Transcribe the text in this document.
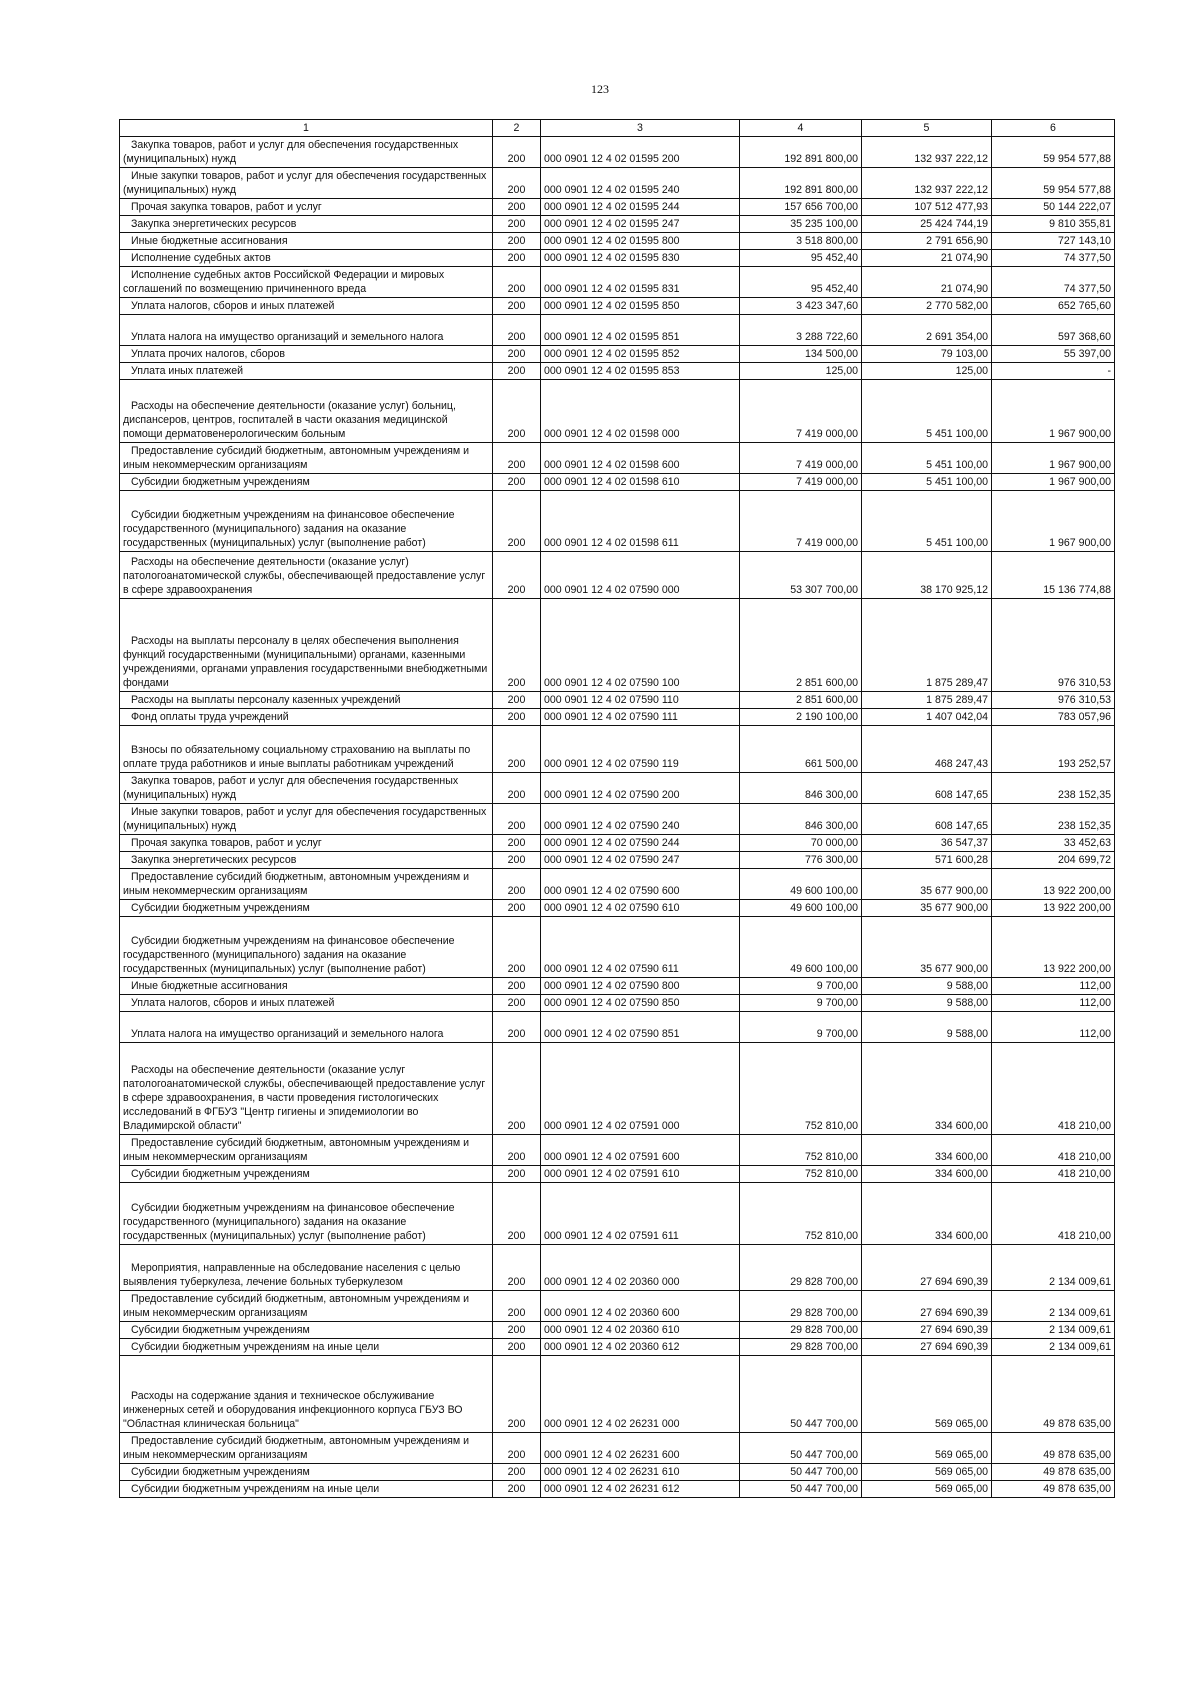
123
1	2	3	4	5	6

Закупка товаров, работ и услуг для обеспечения государственных (муниципальных) нужд	200	000 0901 12 4 02 01595 200	192 891 800,00	132 937 222,12	59 954 577,88

Иные закупки товаров, работ и услуг для обеспечения государственных (муниципальных) нужд	200	000 0901 12 4 02 01595 240	192 891 800,00	132 937 222,12	59 954 577,88

Прочая закупка товаров, работ и услуг	200	000 0901 12 4 02 01595 244	157 656 700,00	107 512 477,93	50 144 222,07

Закупка энергетических ресурсов	200	000 0901 12 4 02 01595 247	35 235 100,00	25 424 744,19	9 810 355,81

Иные бюджетные ассигнования	200	000 0901 12 4 02 01595 800	3 518 800,00	2 791 656,90	727 143,10

Исполнение судебных актов	200	000 0901 12 4 02 01595 830	95 452,40	21 074,90	74 377,50

Исполнение судебных актов Российской Федерации и мировых соглашений по возмещению причиненного вреда	200	000 0901 12 4 02 01595 831	95 452,40	21 074,90	74 377,50

Уплата налогов, сборов и иных платежей	200	000 0901 12 4 02 01595 850	3 423 347,60	2 770 582,00	652 765,60

Уплата налога на имущество организаций и земельного налога	200	000 0901 12 4 02 01595 851	3 288 722,60	2 691 354,00	597 368,60

Уплата прочих налогов, сборов	200	000 0901 12 4 02 01595 852	134 500,00	79 103,00	55 397,00

Уплата иных платежей	200	000 0901 12 4 02 01595 853	125,00	125,00	-

Расходы на обеспечение деятельности (оказание услуг) больниц, диспансеров, центров, госпиталей в части оказания медицинской помощи дерматовенерологическим больным	200	000 0901 12 4 02 01598 000	7 419 000,00	5 451 100,00	1 967 900,00

Предоставление субсидий бюджетным, автономным учреждениям и иным некоммерческим организациям	200	000 0901 12 4 02 01598 600	7 419 000,00	5 451 100,00	1 967 900,00

Субсидии бюджетным учреждениям	200	000 0901 12 4 02 01598 610	7 419 000,00	5 451 100,00	1 967 900,00

Субсидии бюджетным учреждениям на финансовое обеспечение государственного (муниципального) задания на оказание государственных (муниципальных) услуг (выполнение работ)	200	000 0901 12 4 02 01598 611	7 419 000,00	5 451 100,00	1 967 900,00

Расходы на обеспечение деятельности (оказание услуг) патологоанатомической службы, обеспечивающей предоставление услуг в сфере здравоохранения	200	000 0901 12 4 02 07590 000	53 307 700,00	38 170 925,12	15 136 774,88

Расходы на выплаты персоналу в целях обеспечения выполнения функций государственными (муниципальными) органами, казенными учреждениями, органами управления государственными внебюджетными фондами	200	000 0901 12 4 02 07590 100	2 851 600,00	1 875 289,47	976 310,53

Расходы на выплаты персоналу казенных учреждений	200	000 0901 12 4 02 07590 110	2 851 600,00	1 875 289,47	976 310,53

Фонд оплаты труда учреждений	200	000 0901 12 4 02 07590 111	2 190 100,00	1 407 042,04	783 057,96

Взносы по обязательному социальному страхованию на выплаты по оплате труда работников и иные выплаты работникам учреждений	200	000 0901 12 4 02 07590 119	661 500,00	468 247,43	193 252,57

Закупка товаров, работ и услуг для обеспечения государственных (муниципальных) нужд	200	000 0901 12 4 02 07590 200	846 300,00	608 147,65	238 152,35

Иные закупки товаров, работ и услуг для обеспечения государственных (муниципальных) нужд	200	000 0901 12 4 02 07590 240	846 300,00	608 147,65	238 152,35

Прочая закупка товаров, работ и услуг	200	000 0901 12 4 02 07590 244	70 000,00	36 547,37	33 452,63

Закупка энергетических ресурсов	200	000 0901 12 4 02 07590 247	776 300,00	571 600,28	204 699,72

Предоставление субсидий бюджетным, автономным учреждениям и иным некоммерческим организациям	200	000 0901 12 4 02 07590 600	49 600 100,00	35 677 900,00	13 922 200,00

Субсидии бюджетным учреждениям	200	000 0901 12 4 02 07590 610	49 600 100,00	35 677 900,00	13 922 200,00

Субсидии бюджетным учреждениям на финансовое обеспечение государственного (муниципального) задания на оказание государственных (муниципальных) услуг (выполнение работ)	200	000 0901 12 4 02 07590 611	49 600 100,00	35 677 900,00	13 922 200,00

Иные бюджетные ассигнования	200	000 0901 12 4 02 07590 800	9 700,00	9 588,00	112,00

Уплата налогов, сборов и иных платежей	200	000 0901 12 4 02 07590 850	9 700,00	9 588,00	112,00

Уплата налога на имущество организаций и земельного налога	200	000 0901 12 4 02 07590 851	9 700,00	9 588,00	112,00

Расходы на обеспечение деятельности (оказание услуг патологоанатомической службы, обеспечивающей предоставление услуг в сфере здравоохранения, в части проведения гистологических исследований в ФГБУЗ "Центр гигиены и эпидемиологии во Владимирской области"	200	000 0901 12 4 02 07591 000	752 810,00	334 600,00	418 210,00

Предоставление субсидий бюджетным, автономным учреждениям и иным некоммерческим организациям	200	000 0901 12 4 02 07591 600	752 810,00	334 600,00	418 210,00

Субсидии бюджетным учреждениям	200	000 0901 12 4 02 07591 610	752 810,00	334 600,00	418 210,00

Субсидии бюджетным учреждениям на финансовое обеспечение государственного (муниципального) задания на оказание государственных (муниципальных) услуг (выполнение работ)	200	000 0901 12 4 02 07591 611	752 810,00	334 600,00	418 210,00

Мероприятия, направленные на обследование населения с целью выявления туберкулеза, лечение больных туберкулезом	200	000 0901 12 4 02 20360 000	29 828 700,00	27 694 690,39	2 134 009,61

Предоставление субсидий бюджетным, автономным учреждениям и иным некоммерческим организациям	200	000 0901 12 4 02 20360 600	29 828 700,00	27 694 690,39	2 134 009,61

Субсидии бюджетным учреждениям	200	000 0901 12 4 02 20360 610	29 828 700,00	27 694 690,39	2 134 009,61

Субсидии бюджетным учреждениям на иные цели	200	000 0901 12 4 02 20360 612	29 828 700,00	27 694 690,39	2 134 009,61

Расходы на содержание здания и техническое обслуживание инженерных сетей и оборудования инфекционного корпуса ГБУЗ ВО "Областная клиническая больница"	200	000 0901 12 4 02 26231 000	50 447 700,00	569 065,00	49 878 635,00

Предоставление субсидий бюджетным, автономным учреждениям и иным некоммерческим организациям	200	000 0901 12 4 02 26231 600	50 447 700,00	569 065,00	49 878 635,00

Субсидии бюджетным учреждениям	200	000 0901 12 4 02 26231 610	50 447 700,00	569 065,00	49 878 635,00

Субсидии бюджетным учреждениям на иные цели	200	000 0901 12 4 02 26231 612	50 447 700,00	569 065,00	49 878 635,00
